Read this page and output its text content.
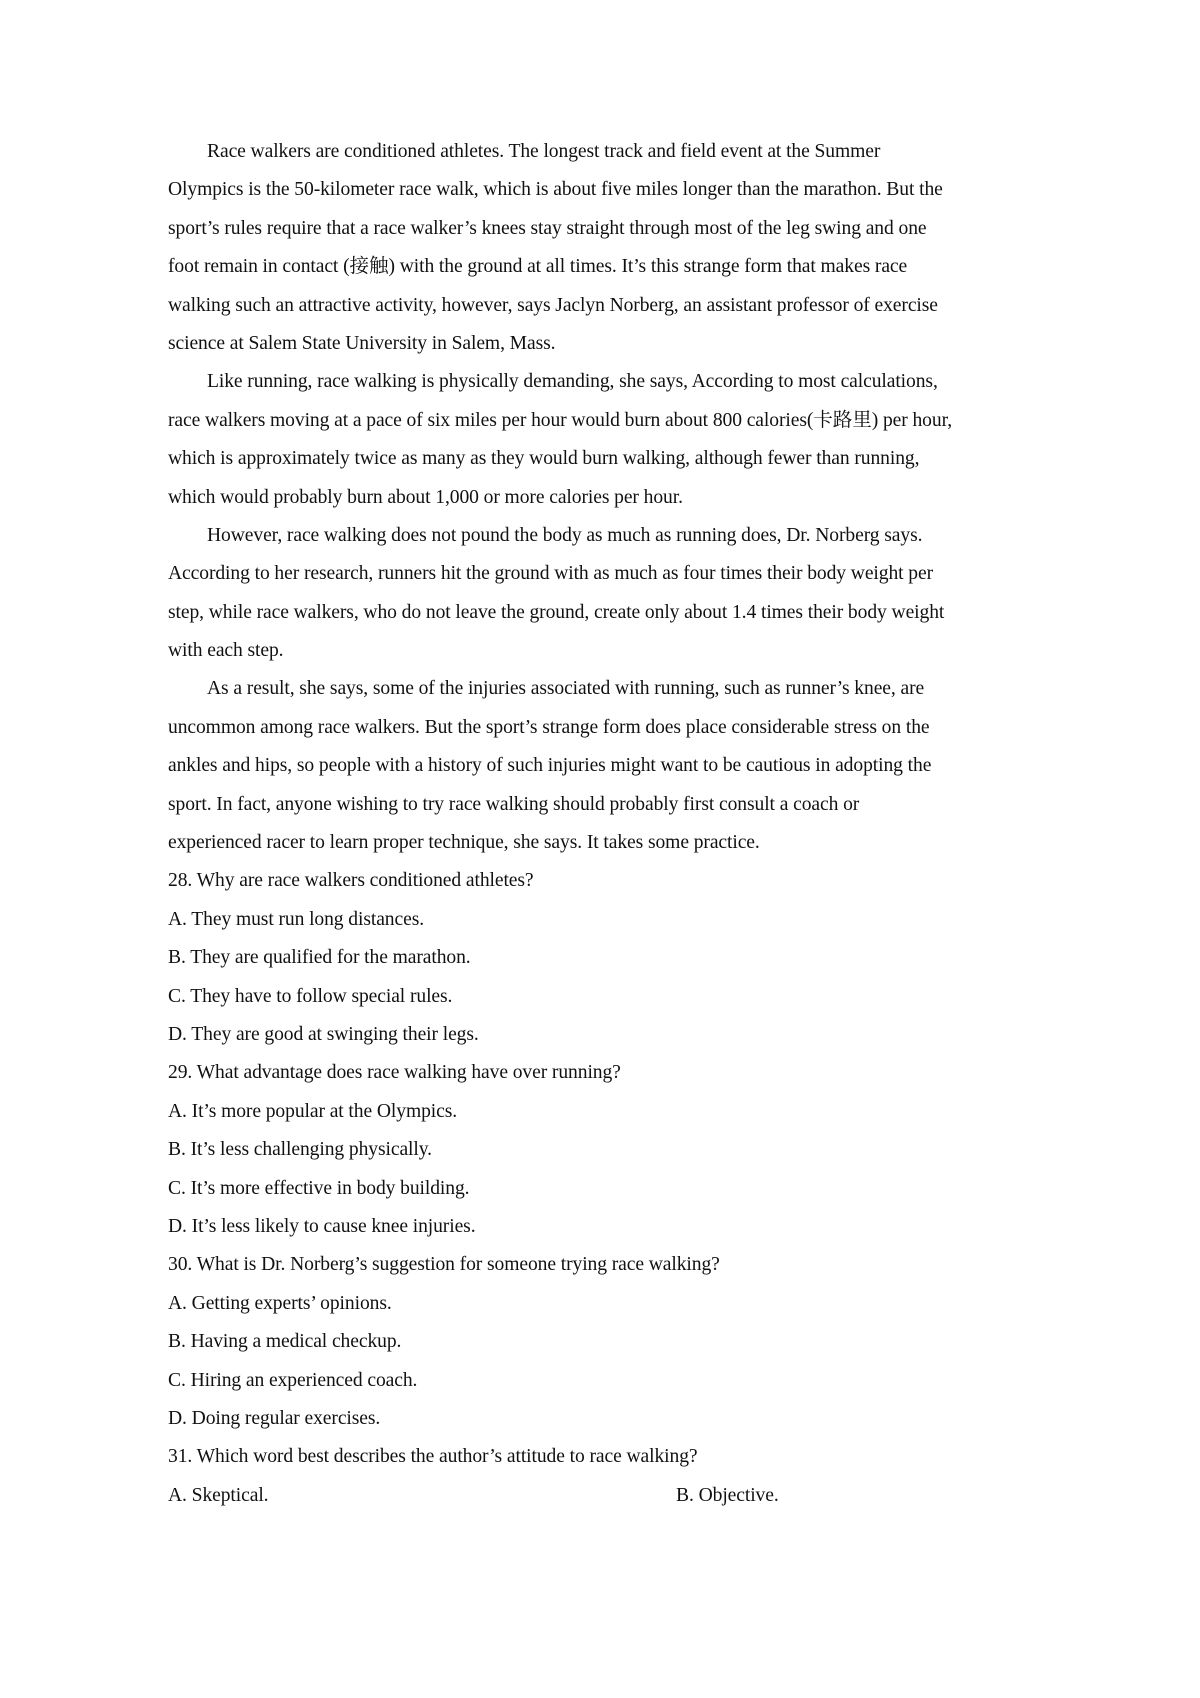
Race walkers are conditioned athletes. The longest track and field event at the Summer
Olympics is the 50-kilometer race walk, which is about five miles longer than the marathon. But the
sport’s rules require that a race walker’s knees stay straight through most of the leg swing and one
foot remain in contact (接触) with the ground at all times. It’s this strange form that makes race
walking such an attractive activity, however, says Jaclyn Norberg, an assistant professor of exercise
science at Salem State University in Salem, Mass.
Like running, race walking is physically demanding, she says, According to most calculations,
race walkers moving at a pace of six miles per hour would burn about 800 calories(卡路里) per hour,
which is approximately twice as many as they would burn walking, although fewer than running,
which would probably burn about 1,000 or more calories per hour.
However, race walking does not pound the body as much as running does, Dr. Norberg says.
According to her research, runners hit the ground with as much as four times their body weight per
step, while race walkers, who do not leave the ground, create only about 1.4 times their body weight
with each step.
As a result, she says, some of the injuries associated with running, such as runner’s knee, are
uncommon among race walkers. But the sport’s strange form does place considerable stress on the
ankles and hips, so people with a history of such injuries might want to be cautious in adopting the
sport. In fact, anyone wishing to try race walking should probably first consult a coach or
experienced racer to learn proper technique, she says. It takes some practice.
28. Why are race walkers conditioned athletes?
A. They must run long distances.
B. They are qualified for the marathon.
C. They have to follow special rules.
D. They are good at swinging their legs.
29. What advantage does race walking have over running?
A. It’s more popular at the Olympics.
B. It’s less challenging physically.
C. It’s more effective in body building.
D. It’s less likely to cause knee injuries.
30. What is Dr. Norberg’s suggestion for someone trying race walking?
A. Getting experts’ opinions.
B. Having a medical checkup.
C. Hiring an experienced coach.
D. Doing regular exercises.
31. Which word best describes the author’s attitude to race walking?
A. Skeptical.	B. Objective.
